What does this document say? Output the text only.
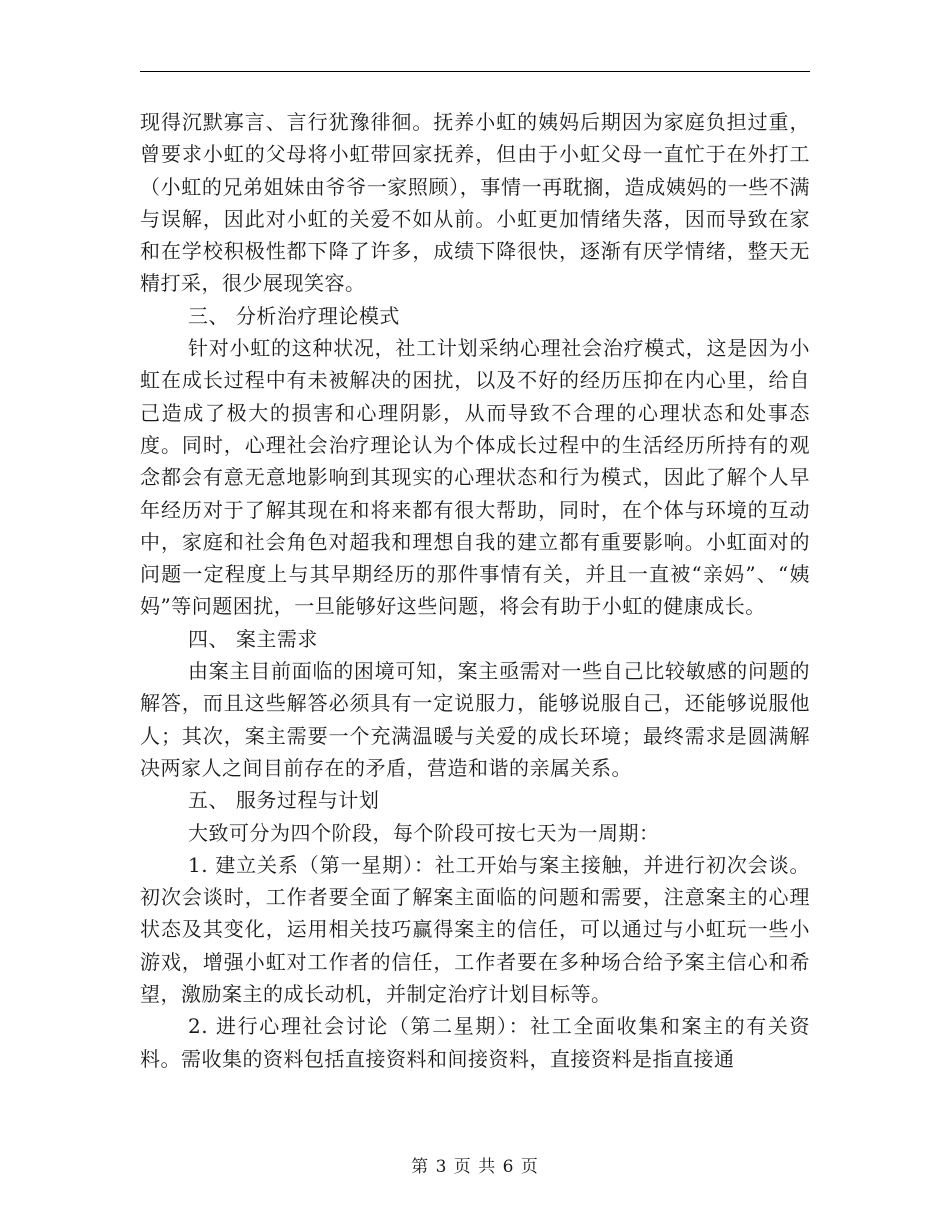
现得沉默寡言、言行犹豫徘徊。抚养小虹的姨妈后期因为家庭负担过重，曾要求小虹的父母将小虹带回家抚养，但由于小虹父母一直忙于在外打工（小虹的兄弟姐妹由爷爷一家照顾），事情一再耽搁，造成姨妈的一些不满与误解，因此对小虹的关爱不如从前。小虹更加情绪失落，因而导致在家和在学校积极性都下降了许多，成绩下降很快，逐渐有厌学情绪，整天无精打采，很少展现笑容。

三、 分析治疗理论模式

针对小虹的这种状况，社工计划采纳心理社会治疗模式，这是因为小虹在成长过程中有未被解决的困扰，以及不好的经历压抑在内心里，给自己造成了极大的损害和心理阴影，从而导致不合理的心理状态和处事态度。同时，心理社会治疗理论认为个体成长过程中的生活经历所持有的观念都会有意无意地影响到其现实的心理状态和行为模式，因此了解个人早年经历对于了解其现在和将来都有很大帮助，同时，在个体与环境的互动中，家庭和社会角色对超我和理想自我的建立都有重要影响。小虹面对的问题一定程度上与其早期经历的那件事情有关，并且一直被“亲妈”、“姨妈”等问题困扰，一旦能够好这些问题，将会有助于小虹的健康成长。

四、 案主需求

由案主目前面临的困境可知，案主亟需对一些自己比较敏感的问题的解答，而且这些解答必须具有一定说服力，能够说服自己，还能够说服他人；其次，案主需要一个充满温暖与关爱的成长环境；最终需求是圆满解决两家人之间目前存在的矛盾，营造和谐的亲属关系。

五、 服务过程与计划

大致可分为四个阶段，每个阶段可按七天为一周期：

1. 建立关系（第一星期）：社工开始与案主接触，并进行初次会谈。初次会谈时，工作者要全面了解案主面临的问题和需要，注意案主的心理状态及其变化，运用相关技巧赢得案主的信任，可以通过与小虹玩一些小游戏，增强小虹对工作者的信任，工作者要在多种场合给予案主信心和希望，激励案主的成长动机，并制定治疗计划目标等。

2. 进行心理社会讨论（第二星期）：社工全面收集和案主的有关资料。需收集的资料包括直接资料和间接资料，直接资料是指直接通

第 3 页 共 6 页
